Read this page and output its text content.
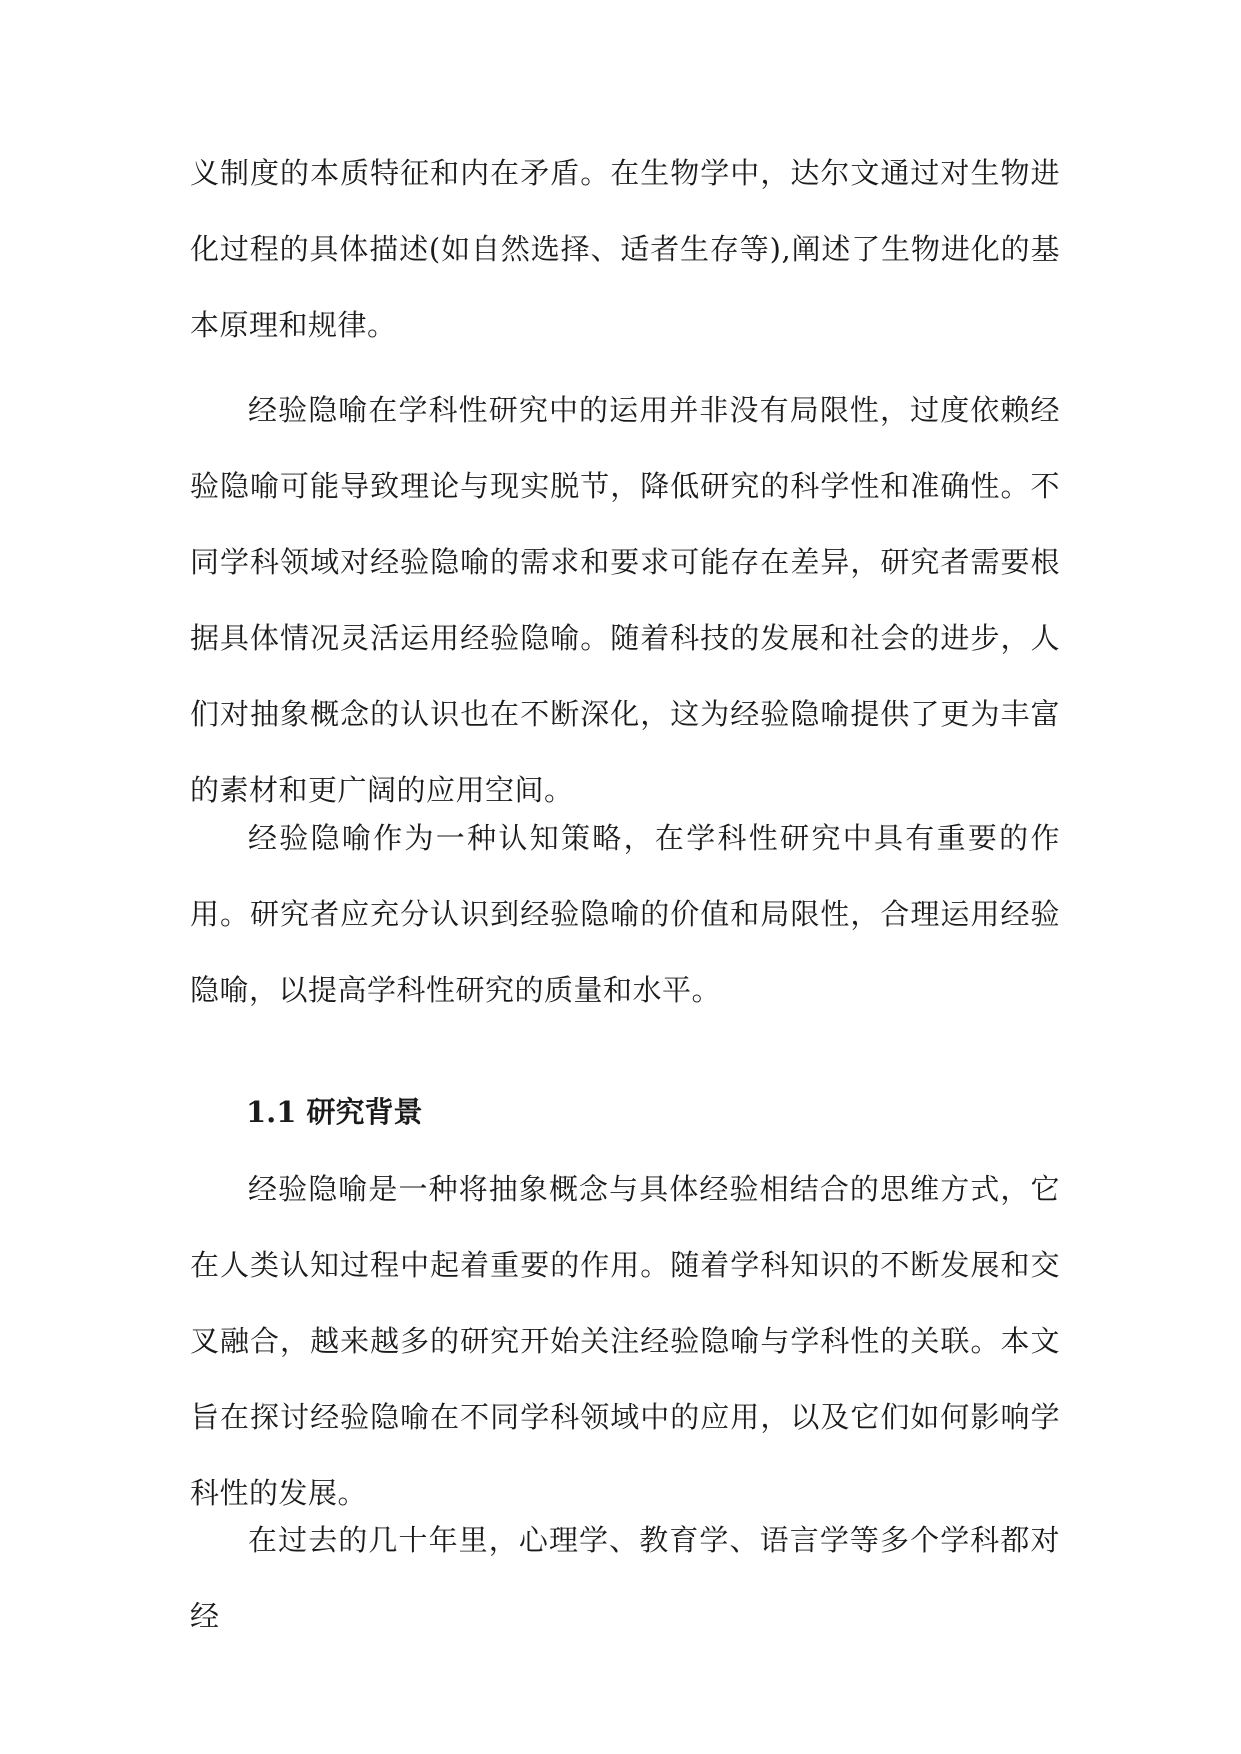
义制度的本质特征和内在矛盾。在生物学中，达尔文通过对生物进化过程的具体描述(如自然选择、适者生存等),阐述了生物进化的基本原理和规律。

经验隐喻在学科性研究中的运用并非没有局限性，过度依赖经验隐喻可能导致理论与现实脱节，降低研究的科学性和准确性。不同学科领域对经验隐喻的需求和要求可能存在差异，研究者需要根据具体情况灵活运用经验隐喻。随着科技的发展和社会的进步，人们对抽象概念的认识也在不断深化，这为经验隐喻提供了更为丰富的素材和更广阔的应用空间。

经验隐喻作为一种认知策略，在学科性研究中具有重要的作用。研究者应充分认识到经验隐喻的价值和局限性，合理运用经验隐喻，以提高学科性研究的质量和水平。

1.1 研究背景

经验隐喻是一种将抽象概念与具体经验相结合的思维方式，它在人类认知过程中起着重要的作用。随着学科知识的不断发展和交叉融合，越来越多的研究开始关注经验隐喻与学科性的关联。本文旨在探讨经验隐喻在不同学科领域中的应用，以及它们如何影响学科性的发展。

在过去的几十年里，心理学、教育学、语言学等多个学科都对经
